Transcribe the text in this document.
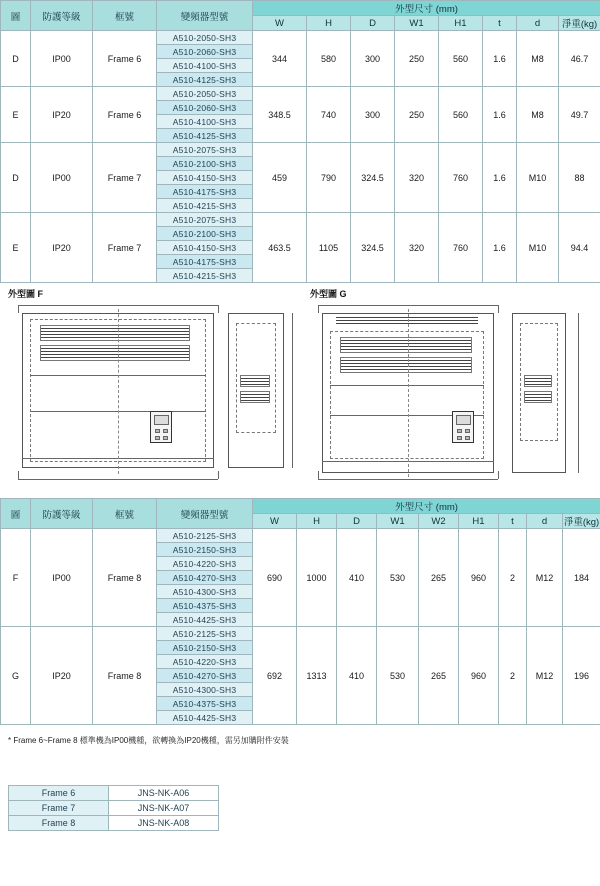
圖	防護等級	框號	變頻器型號	外型尺寸 (mm)							
				W	H	D	W1	H1	t	d	淨重(kg)
D	IP00	Frame 6	A510-2050-SH3	344	580	300	250	560	1.6	M8	46.7
			A510-2060-SH3								
			A510-4100-SH3								
			A510-4125-SH3								
E	IP20	Frame 6	A510-2050-SH3	348.5	740	300	250	560	1.6	M8	49.7
			A510-2060-SH3								
			A510-4100-SH3								
			A510-4125-SH3								
D	IP00	Frame 7	A510-2075-SH3	459	790	324.5	320	760	1.6	M10	88
			A510-2100-SH3								
			A510-4150-SH3								
			A510-4175-SH3								
			A510-4215-SH3								
E	IP20	Frame 7	A510-2075-SH3	463.5	1105	324.5	320	760	1.6	M10	94.4
			A510-2100-SH3								
			A510-4150-SH3								
			A510-4175-SH3								
			A510-4215-SH3								
外型圖 F	外型圖 G
圖	防護等級	框號	變頻器型號	外型尺寸 (mm)								
				W	H	D	W1	W2	H1	t	d	淨重(kg)
F	IP00	Frame 8	A510-2125-SH3	690	1000	410	530	265	960	2	M12	184
			A510-2150-SH3									
			A510-4220-SH3									
			A510-4270-SH3									
			A510-4300-SH3									
			A510-4375-SH3									
			A510-4425-SH3									
G	IP20	Frame 8	A510-2125-SH3	692	1313	410	530	265	960	2	M12	196
			A510-2150-SH3									
			A510-4220-SH3									
			A510-4270-SH3									
			A510-4300-SH3									
			A510-4375-SH3									
			A510-4425-SH3									
* Frame 6~Frame 8 標準機為IP00機種，欲轉換為IP20機種，需另加購附件安裝
Frame 6	JNS-NK-A06
Frame 7	JNS-NK-A07
Frame 8	JNS-NK-A08
